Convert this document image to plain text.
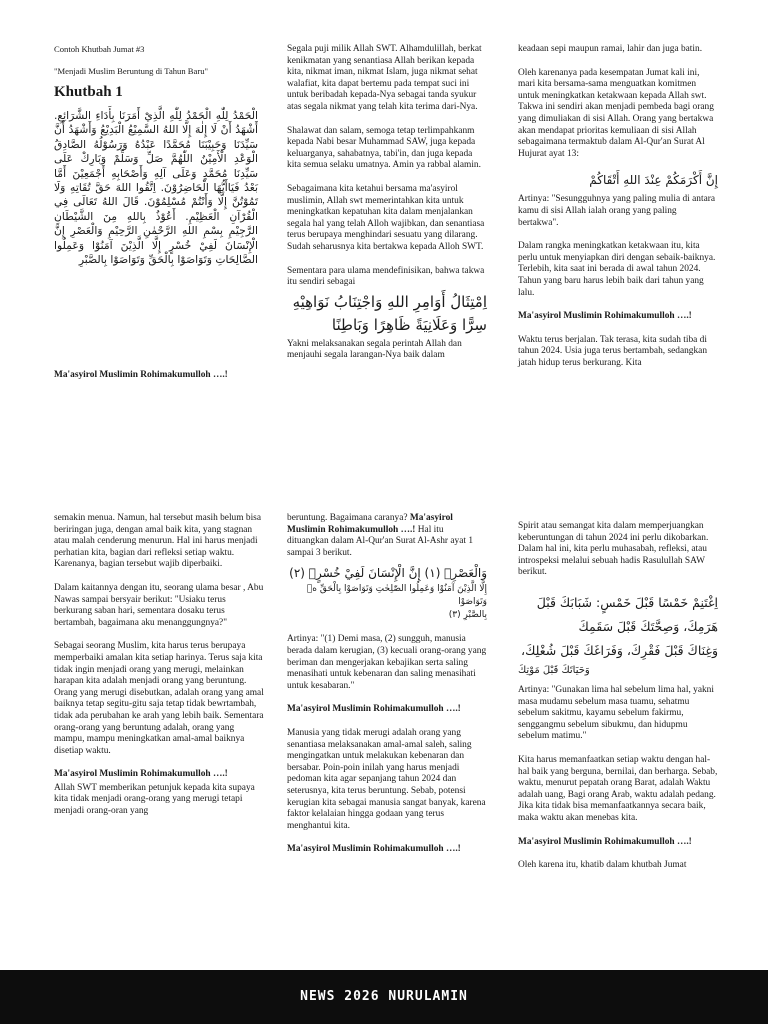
Contoh Khutbah Jumat #3

"Menjadi Muslim Beruntung di Tahun Baru"

Khutbah 1
الْحَمْدُ لِلّٰهِ الْحَمْدُ لِلّٰهِ الَّذِيْ أَمَرَنَا بِأَدَاءِ الشَّرَائِعِ. أَشْهَدُ أَنْ لَا إِلٰهَ إِلَّا اللهُ السَّمِيْعُ الْبَدِيْعُ وَأَشْهَدُ أَنَّ سَيِّدَنَا وَحَبِيْبَنَا مُحَمَّدًا عَبْدُهُ وَرَسُوْلُهُ الصَّادِقُ الْوَعْدِ الْأَمِيْنُ اللّٰهُمَّ صَلِّ وَسَلِّمْ وَبَارِكْ عَلَى سَيِّدِنَا مُحَمَّدٍ وَعَلَى آلِهِ وَأَصْحَابِهِ أَجْمَعِيْنَ أَمَّا بَعْدُ فَيَاأَيُّهَا الْحَاضِرُوْنَ. اِتَّقُوا اللهَ حَقَّ تُقَاتِهِ وَلَا تَمُوْتُنَّ إِلَّا وَأَنْتُمْ مُسْلِمُوْنَ. قَالَ اللهُ تَعَالَى فِي الْقُرْآنِ الْعَظِيْمِ. أَعُوْذُ بِاللهِ مِنَ الشَّيْطَانِ الرَّجِيْمِ بِسْمِ اللهِ الرَّحْمٰنِ الرَّحِيْمِ وَالْعَصْرِ إِنَّ الْإِنْسَانَ لَفِيْ خُسْرٍ إِلَّا الَّذِيْنَ آمَنُوْا وَعَمِلُوا الصَّالِحَاتِ وَتَوَاصَوْا بِالْحَقِّ وَتَوَاصَوْا بِالصَّبْرِ
Ma'asyirol Muslimin Rohimakumulloh ….!

Segala puji milik Allah SWT. Alhamdulillah, berkat kenikmatan yang senantiasa Allah berikan kepada kita, nikmat iman, nikmat Islam, juga nikmat sehat walafiat, kita dapat bertemu pada tempat suci ini untuk beribadah kepada-Nya sebagai tanda syukur atas segala nikmat yang telah kita terima dari-Nya.

Shalawat dan salam, semoga tetap terlimpahkanm kepada Nabi besar Muhammad SAW, juga kepada keluarganya, sahabatnya, tabi'in, dan juga kepada kita semua selaku umatnya. Amin ya rabbal alamin.

Sebagaimana kita ketahui bersama ma'asyirol muslimin, Allah swt memerintahkan kita untuk meningkatkan kepatuhan kita dalam menjalankan segala hal yang telah Alloh wajibkan, dan senantiasa terus berupaya menghindari sesuatu yang dilarang. Sudah seharusnya kita bertakwa kepada Alloh SWT.

Sementara para ulama mendefinisikan, bahwa takwa itu sendiri sebagai

اِمْتِثَالُ أَوَامِرِ اللهِ وَاجْتِنَابُ نَوَاهِيْهِ
سِرًّا وَعَلَانِيَةً ظَاهِرًا وَبَاطِنًا

Yakni melaksanakan segala perintah Allah dan menjauhi segala larangan-Nya baik dalam

keadaan sepi maupun ramai, lahir dan juga batin.

Oleh karenanya pada kesempatan Jumat kali ini, mari kita bersama-sama menguatkan komitmen untuk meningkatkan ketakwaan kepada Allah swt. Takwa ini sendiri akan menjadi pembeda bagi orang yang dimuliakan di sisi Allah. Orang yang bertakwa akan mendapat prioritas kemuliaan di sisi Allah sebagaimana termaktub dalam Al-Qur'an Surat Al Hujurat ayat 13:

إِنَّ أَكْرَمَكُمْ عِنْدَ اللهِ أَتْقَاكُمْ

Artinya: "Sesungguhnya yang paling mulia di antara kamu di sisi Allah ialah orang yang paling bertakwa".

Dalam rangka meningkatkan ketakwaan itu, kita perlu untuk menyiapkan diri dengan sebaik-baiknya. Terlebih, kita saat ini berada di awal tahun 2024. Tahun yang baru harus lebih baik dari tahun yang lalu.

Ma'asyirol Muslimin Rohimakumulloh ….!

Waktu terus berjalan. Tak terasa, kita sudah tiba di tahun 2024. Usia juga terus bertambah, sedangkan jatah hidup terus berkurang. Kita

semakin menua. Namun, hal tersebut masih belum bisa beriringan juga, dengan amal baik kita, yang stagnan atau malah cenderung menurun. Hal ini harus menjadi perhatian kita, bagian dari refleksi setiap waktu. Karenanya, bagian tersebut wajib diperbaiki.

Dalam kaitannya dengan itu, seorang ulama besar , Abu Nawas sampai bersyair berikut: "Usiaku terus berkurang saban hari, sementara dosaku terus bertambah, bagaimana aku menanggungnya?"

Sebagai seorang Muslim, kita harus terus berupaya memperbaiki amalan kita setiap harinya. Terus saja kita tidak ingin menjadi orang yang merugi, melainkan harapan kita adalah menjadi orang yang beruntung. Orang yang merugi disebutkan, adalah orang yang amal baiknya tetap segitu-gitu saja tetap tidak bewrtambah, tidak ada perubahan ke arah yang lebih baik. Sementara orang-orang yang beruntung adalah, orang yang mampu, mampu meningkatkan amal-amal baiknya disetiap waktu.

Ma'asyirol Muslimin Rohimakumulloh ….!

Allah SWT memberikan petunjuk kepada kita supaya kita tidak menjadi orang-orang yang merugi tetapi menjadi orang-oran yang

beruntung. Bagaimana caranya? Ma'asyirol Muslimin Rohimakumulloh ….! Hal itu dituangkan dalam Al-Qur'an Surat Al-Ashr ayat 1 sampai 3 berikut.

وَالْعَصْرِۙ (١) إِنَّ الْإِنْسَانَ لَفِيْ خُسْرٍۙ (٢)
إِلَّا الَّذِيْنَ آمَنُوْا وَعَمِلُوا الصّٰلِحٰتِ وَتَوَاصَوْا بِالْحَقِّ ەۙ وَتَوَاصَوْا
بِالصَّبْرِ (٣)

Artinya: "(1) Demi masa, (2) sungguh, manusia berada dalam kerugian, (3) kecuali orang-orang yang beriman dan mengerjakan kebajikan serta saling menasihati untuk kebenaran dan saling menasihati untuk kesabaran."

Ma'asyirol Muslimin Rohimakumulloh ….!

Manusia yang tidak merugi adalah orang yang senantiasa melaksanakan amal-amal saleh, saling mengingatkan untuk melakukan kebenaran dan bersabar. Poin-poin inilah yang harus menjadi pedoman kita agar sepanjang tahun 2024 dan seterusnya, kita terus beruntung. Sebab, potensi kerugian kita sebagai manusia sangat banyak, karena faktor kelalaian hingga godaan yang terus menghantui kita.

Ma'asyirol Muslimin Rohimakumulloh ….!

Spirit atau semangat kita dalam memperjuangkan keberuntungan di tahun 2024 ini perlu dikobarkan. Dalam hal ini, kita perlu muhasabah, refleksi, atau introspeksi melalui sebuah hadis Rasulullah SAW berikut.

اِغْتَنِمْ خَمْسًا قَبْلَ خَمْسٍ: شَبَابَكَ قَبْلَ هَرَمِكَ، وَصِحَّتَكَ قَبْلَ سَقَمِكَ
وَغِنَاكَ قَبْلَ فَقْرِكَ، وَفَرَاغَكَ قَبْلَ شُغْلِكَ،
وَحَيَاتَكَ قَبْلَ مَوْتِكَ

Artinya: "Gunakan lima hal sebelum lima hal, yakni masa mudamu sebelum masa tuamu, sehatmu sebelum sakitmu, kayamu sebelum fakirmu, senggangmu sebelum sibukmu, dan hidupmu sebelum matimu."

Kita harus memanfaatkan setiap waktu dengan hal-hal baik yang berguna, bernilai, dan berharga. Sebab, waktu, menurut pepatah orang Barat, adalah Waktu adalah uang, Bagi orang Arab, waktu adalah pedang. Jika kita tidak bisa memanfaatkannya secara baik, maka waktu akan menebas kita.

Ma'asyirol Muslimin Rohimakumulloh ….!

Oleh karena itu, khatib dalam khutbah Jumat

NEWS 2026 NURULAMIN
